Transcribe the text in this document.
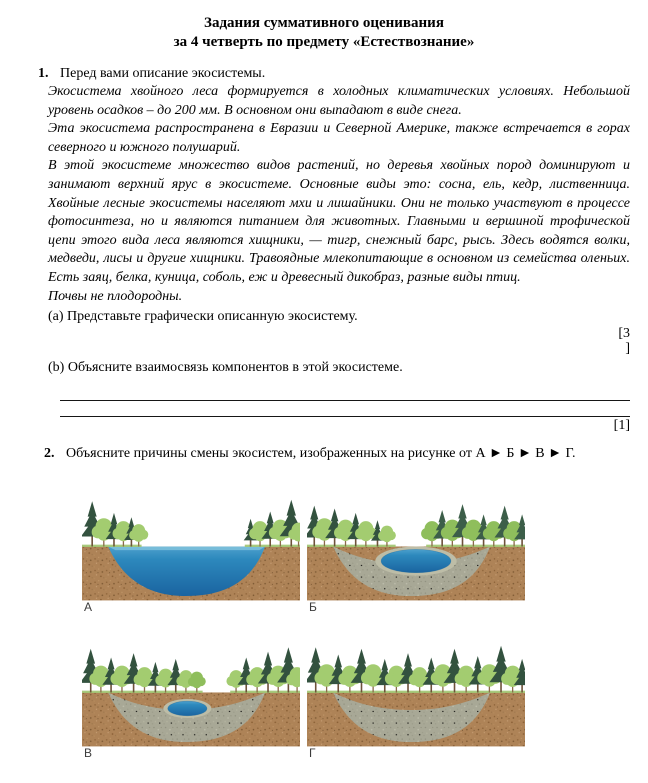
Задания суммативного оценивания
за 4 четверть по предмету «Естествознание»
1. Перед вами описание экосистемы.

Экосистема хвойного леса формируется в холодных климатических условиях. Небольшой уровень осадков – до 200 мм. В основном они выпадают в виде снега.

Эта экосистема распространена в Евразии и Северной Америке, также встречается в горах северного и южного полушарий.

В этой экосистеме множество видов растений, но деревья хвойных пород доминируют и занимают верхний ярус в экосистеме. Основные виды это: сосна, ель, кедр, лиственница. Хвойные лесные экосистемы населяют мхи и лишайники. Они не только участвуют в процессе фотосинтеза, но и являются питанием для животных. Главными и вершиной трофической цепи этого вида леса являются хищники, — тигр, снежный барс, рысь. Здесь водятся волки, медведи, лисы и другие хищники. Травоядные млекопитающие в основном из семейства оленьих. Есть заяц, белка, куница, соболь, еж и древесный дикобраз, разные виды птиц.

Почвы не плодородны.

(a) Представьте графически описанную экосистему.
[3
]
(b) Объясните взаимосвязь компонентов в этой экосистеме.
[1]
2. Объясните причины смены экосистем, изображенных на рисунке от А ► Б ► В ► Г.
А	Б
В	Г
